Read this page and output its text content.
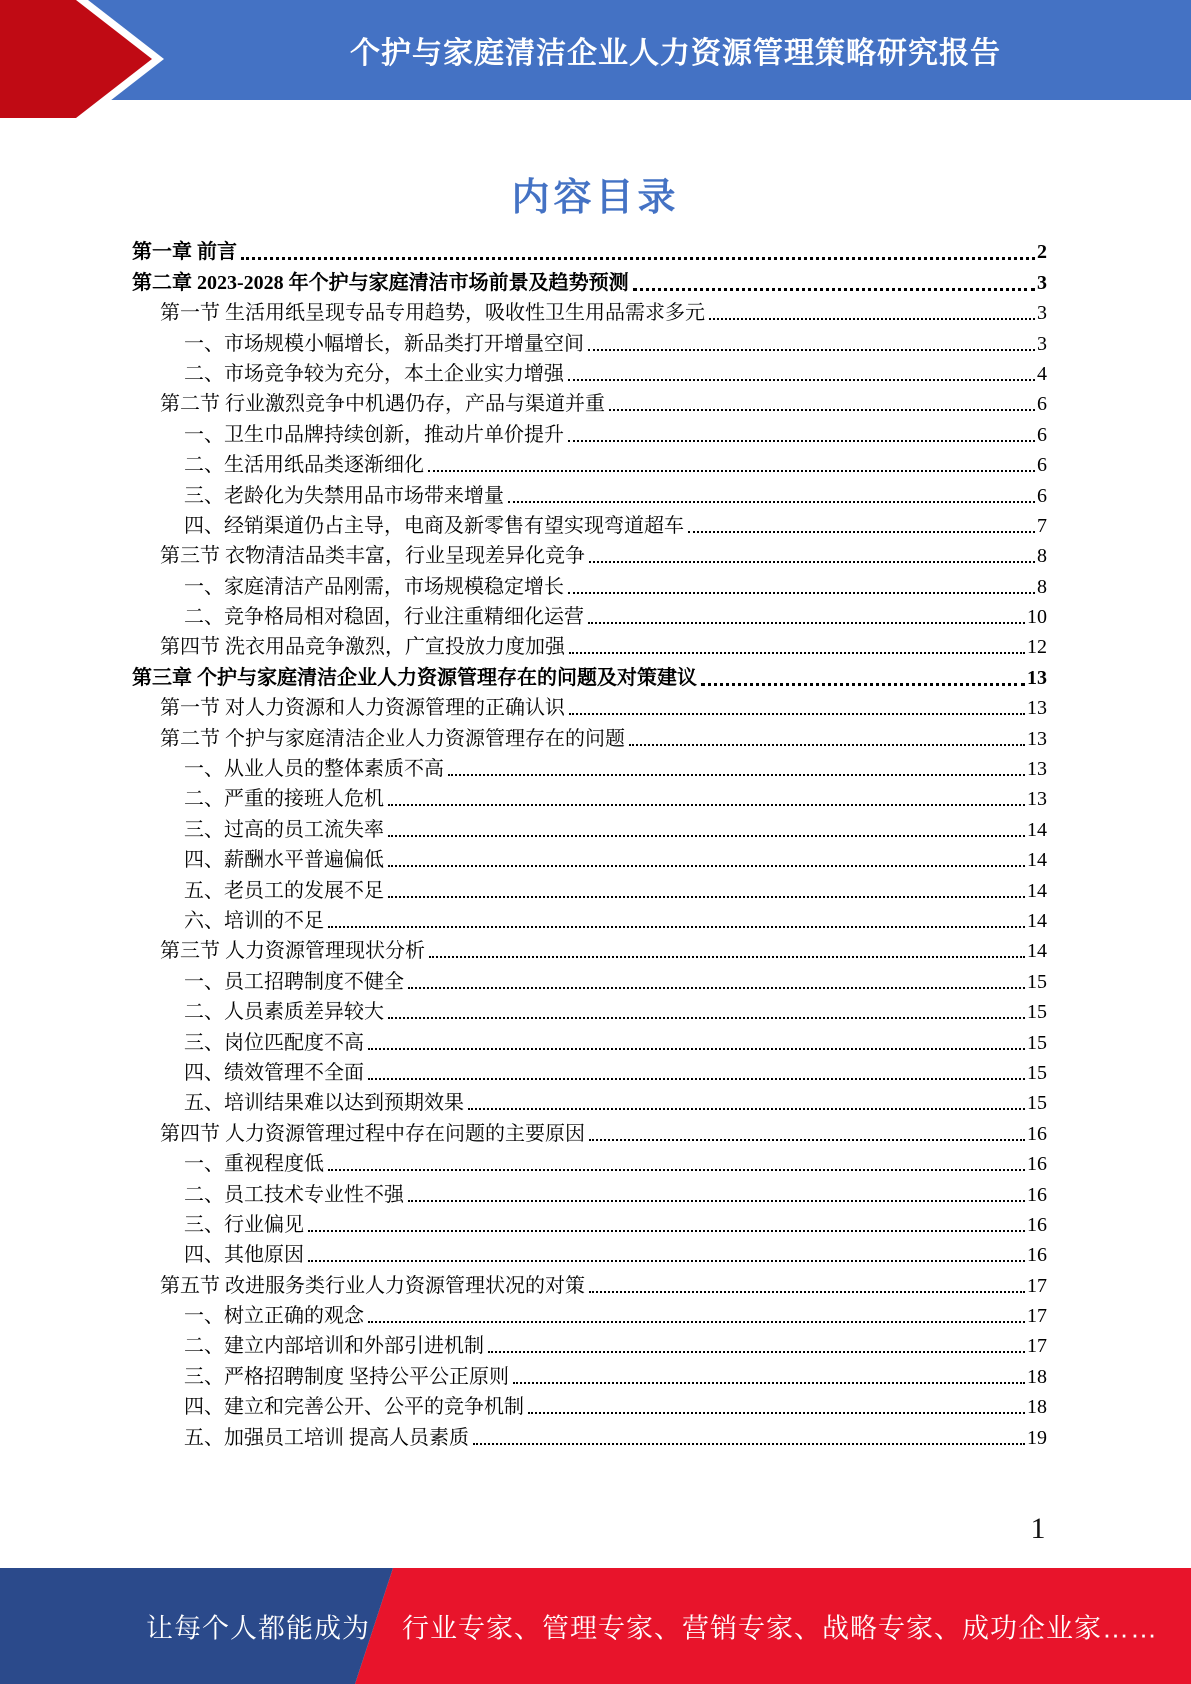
个护与家庭清洁企业人力资源管理策略研究报告
内容目录
第一章 前言	2
第二章 2023-2028 年个护与家庭清洁市场前景及趋势预测	3
第一节 生活用纸呈现专品专用趋势，吸收性卫生用品需求多元	3
一、市场规模小幅增长，新品类打开增量空间	3
二、市场竞争较为充分，本土企业实力增强	4
第二节 行业激烈竞争中机遇仍存，产品与渠道并重	6
一、卫生巾品牌持续创新，推动片单价提升	6
二、生活用纸品类逐渐细化	6
三、老龄化为失禁用品市场带来增量	6
四、经销渠道仍占主导，电商及新零售有望实现弯道超车	7
第三节 衣物清洁品类丰富，行业呈现差异化竞争	8
一、家庭清洁产品刚需，市场规模稳定增长	8
二、竞争格局相对稳固，行业注重精细化运营	10
第四节 洗衣用品竞争激烈，广宣投放力度加强	12
第三章 个护与家庭清洁企业人力资源管理存在的问题及对策建议	13
第一节 对人力资源和人力资源管理的正确认识	13
第二节 个护与家庭清洁企业人力资源管理存在的问题	13
一、从业人员的整体素质不高	13
二、严重的接班人危机	13
三、过高的员工流失率	14
四、薪酬水平普遍偏低	14
五、老员工的发展不足	14
六、培训的不足	14
第三节 人力资源管理现状分析	14
一、员工招聘制度不健全	15
二、人员素质差异较大	15
三、岗位匹配度不高	15
四、绩效管理不全面	15
五、培训结果难以达到预期效果	15
第四节 人力资源管理过程中存在问题的主要原因	16
一、重视程度低	16
二、员工技术专业性不强	16
三、行业偏见	16
四、其他原因	16
第五节 改进服务类行业人力资源管理状况的对策	17
一、树立正确的观念	17
二、建立内部培训和外部引进机制	17
三、严格招聘制度 坚持公平公正原则	18
四、建立和完善公开、公平的竞争机制	18
五、加强员工培训 提高人员素质	19
1
让每个人都能成为 行业专家、管理专家、营销专家、战略专家、成功企业家……
